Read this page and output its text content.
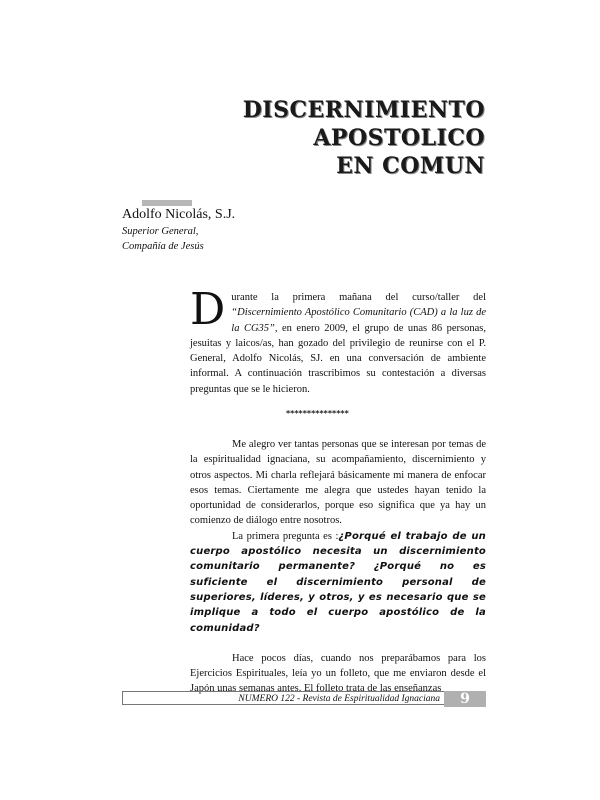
DISCERNIMIENTO APOSTOLICO
EN COMUN
Adolfo Nicolás, S.J.
Superior General,
Compañía de Jesús
Durante la primera mañana del curso/taller del “Discernimiento Apostólico Comunitario (CAD) a la luz de la CG35”, en enero 2009, el grupo de unas 86 personas, jesuitas y laicos/as, han gozado del privilegio de reunirse con el P. General, Adolfo Nicolás, SJ. en una conversación de ambiente informal. A continuación trascribimos su contestación a diversas preguntas que se le hicieron.
***************

Me alegro ver tantas personas que se interesan por temas de la espiritualidad ignaciana, su acompañamiento, discernimiento y otros aspectos. Mi charla reflejará básicamente mi manera de enfocar esos temas. Ciertamente me alegra que ustedes hayan tenido la oportunidad de considerarlos, porque eso significa que ya hay un comienzo de diálogo entre nosotros.

La primera pregunta es :¿Porqué el trabajo de un cuerpo apostólico necesita un discernimiento comunitario permanente? ¿Porqué no es suficiente el discernimiento personal de superiores, líderes, y otros, y es necesario que se implique a todo el cuerpo apostólico de la comunidad?

Hace pocos días, cuando nos preparábamos para los Ejercicios Espirituales, leía yo un folleto, que me enviaron desde el Japón unas semanas antes. El folleto trata de las enseñanzas

NUMERO 122 - Revista de Espiritualidad Ignaciana	9
